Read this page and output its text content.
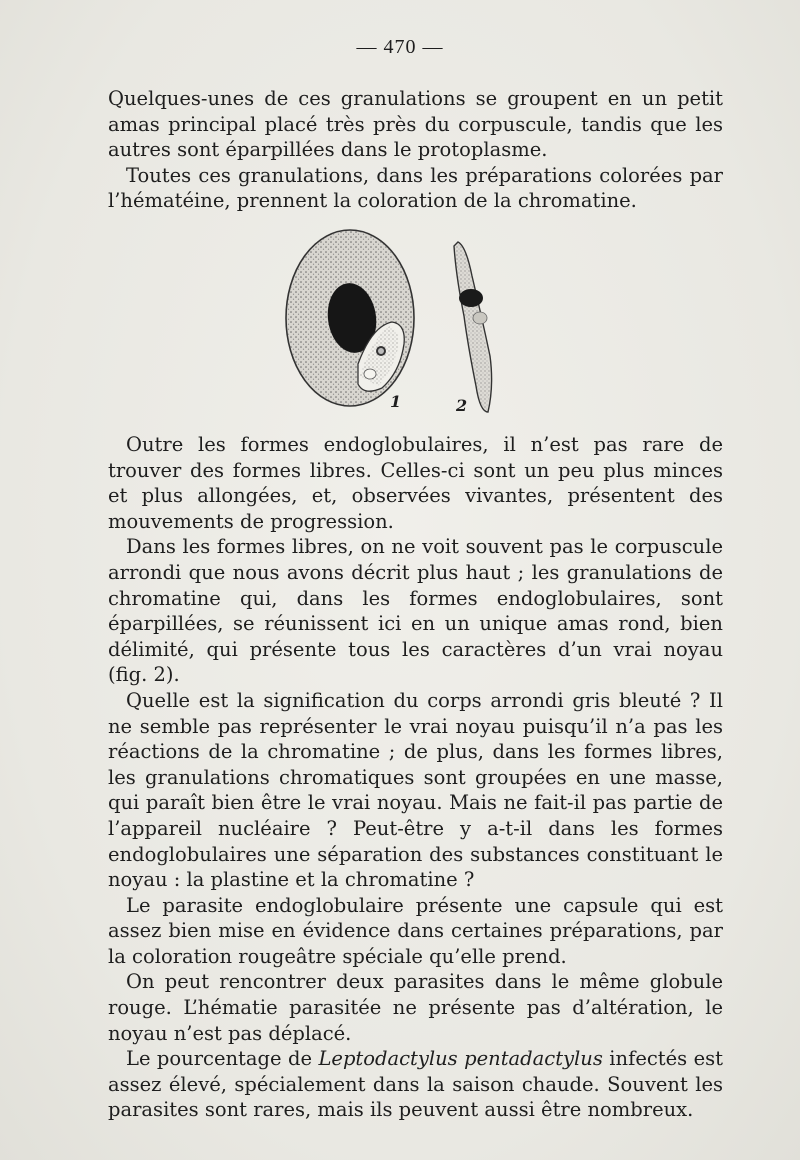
— 470 —

Quelques-unes de ces granulations se groupent en un petit amas principal placé très près du corpuscule, tandis que les autres sont éparpillées dans le protoplasme.

Toutes ces granulations, dans les préparations colorées par l’hématéine, prennent la coloration de la chromatine.

1	2

Outre les formes endoglobulaires, il n’est pas rare de trouver des formes libres. Celles-ci sont un peu plus minces et plus allongées, et, observées vivantes, présentent des mouvements de progression.

Dans les formes libres, on ne voit souvent pas le corpuscule arrondi que nous avons décrit plus haut ; les granulations de chromatine qui, dans les formes endoglobulaires, sont éparpillées, se réunissent ici en un unique amas rond, bien délimité, qui présente tous les caractères d’un vrai noyau (fig. 2).

Quelle est la signification du corps arrondi gris bleuté ? Il ne semble pas représenter le vrai noyau puisqu’il n’a pas les réactions de la chromatine ; de plus, dans les formes libres, les granulations chromatiques sont groupées en une masse, qui paraît bien être le vrai noyau. Mais ne fait-il pas partie de l’appareil nucléaire ? Peut-être y a-t-il dans les formes endoglobulaires une séparation des substances constituant le noyau : la plastine et la chromatine ?

Le parasite endoglobulaire présente une capsule qui est assez bien mise en évidence dans certaines préparations, par la coloration rougeâtre spéciale qu’elle prend.

On peut rencontrer deux parasites dans le même globule rouge. L’hématie parasitée ne présente pas d’altération, le noyau n’est pas déplacé.

Le pourcentage de Leptodactylus pentadactylus infectés est assez élevé, spécialement dans la saison chaude. Souvent les parasites sont rares, mais ils peuvent aussi être nombreux.
